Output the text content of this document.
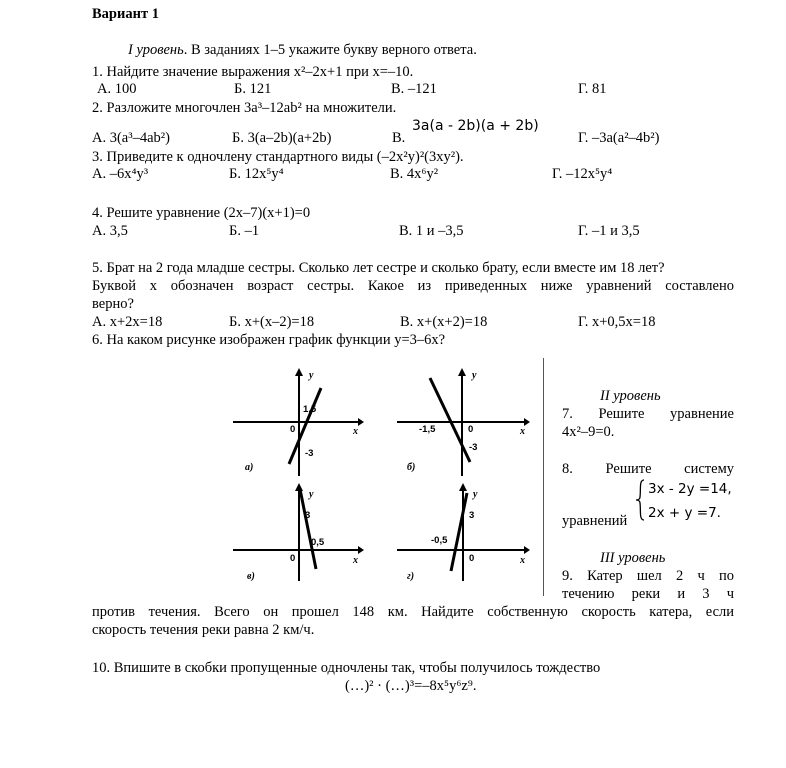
Вариант 1
I уровень. В заданиях 1–5 укажите букву верного ответа.
1. Найдите значение выражения x²–2x+1 при x=–10.
А. 100	Б. 121	В. –121	Г. 81
2. Разложите многочлен 3a³–12ab² на множители.
А. 3(a³–4ab²)	Б. 3(a–2b)(a+2b)	В.
3a(a - 2b)(a + 2b)
Г. –3a(a²–4b²)
3. Приведите к одночлену стандартного виды (–2x²y)²(3xy²).
А. –6x⁴y³	Б. 12x⁵y⁴	В. 4x⁶y²	Г. –12x⁵y⁴
4. Решите уравнение (2x–7)(x+1)=0
А. 3,5	Б. –1	В. 1 и –3,5	Г. –1 и 3,5
5. Брат на 2 года младше сестры. Сколько лет сестре и сколько брату, если вместе им 18 лет?
Буквой x обозначен возраст сестры. Какое из приведенных ниже уравнений составлено
верно?
А. x+2x=18	Б. x+(x–2)=18	В. x+(x+2)=18	Г. x+0,5x=18
6. На каком рисунке изображен график функции y=3–6x?
y
x
0
1,5
-3
а)
y
x
0
-1,5
-3
б)
y
x
0
3
0,5
в)
y
x
0
3
-0,5
г)
II уровень
7. Решите уравнение
4x²–9=0.
8. Решите систему
уравнений
3x - 2y =14,
2x + y =7.
III уровень
9. Катер шел 2 ч по
течению реки и 3 ч
против течения. Всего он прошел 148 км. Найдите собственную скорость катера, если
скорость течения реки равна 2 км/ч.
10. Впишите в скобки пропущенные одночлены так, чтобы получилось тождество
(…)² · (…)³=–8x⁵y⁶z⁹.
